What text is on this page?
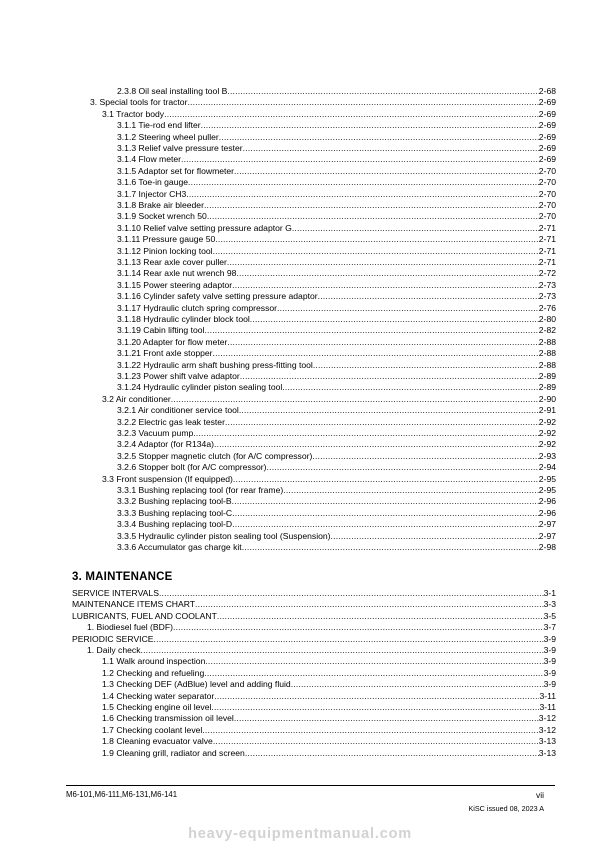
2.3.8 Oil seal installing tool B .....	2-68
3. Special tools for tractor .....	2-69
3.1 Tractor body .....	2-69
3.1.1 Tie-rod end lifter .....	2-69
3.1.2 Steering wheel puller .....	2-69
3.1.3 Relief valve pressure tester .....	2-69
3.1.4 Flow meter .....	2-69
3.1.5 Adaptor set for flowmeter .....	2-70
3.1.6 Toe-in gauge .....	2-70
3.1.7 Injector CH3 .....	2-70
3.1.8 Brake air bleeder .....	2-70
3.1.9 Socket wrench 50 .....	2-70
3.1.10 Relief valve setting pressure adaptor G .....	2-71
3.1.11 Pressure gauge 50 .....	2-71
3.1.12 Pinion locking tool .....	2-71
3.1.13 Rear axle cover puller .....	2-71
3.1.14 Rear axle nut wrench 98 .....	2-72
3.1.15 Power steering adaptor .....	2-73
3.1.16 Cylinder safety valve setting pressure adaptor .....	2-73
3.1.17 Hydraulic clutch spring compressor .....	2-76
3.1.18 Hydraulic cylinder block tool .....	2-80
3.1.19 Cabin lifting tool .....	2-82
3.1.20 Adapter for flow meter .....	2-88
3.1.21 Front axle stopper .....	2-88
3.1.22 Hydraulic arm shaft bushing press-fitting tool .....	2-88
3.1.23 Power shift valve adaptor .....	2-89
3.1.24 Hydraulic cylinder piston sealing tool .....	2-89
3.2 Air conditioner .....	2-90
3.2.1 Air conditioner service tool .....	2-91
3.2.2 Electric gas leak tester .....	2-92
3.2.3 Vacuum pump .....	2-92
3.2.4 Adaptor (for R134a) .....	2-92
3.2.5 Stopper magnetic clutch (for A/C compressor) .....	2-93
3.2.6 Stopper bolt (for A/C compressor) .....	2-94
3.3 Front suspension (If equipped) .....	2-95
3.3.1 Bushing replacing tool (for rear frame) .....	2-95
3.3.2 Bushing replacing tool-B .....	2-96
3.3.3 Bushing replacing tool-C .....	2-96
3.3.4 Bushing replacing tool-D .....	2-97
3.3.5 Hydraulic cylinder piston sealing tool (Suspension) .....	2-97
3.3.6 Accumulator gas charge kit .....	2-98
SERVICE INTERVALS .....	3-1
MAINTENANCE ITEMS CHART .....	3-3
LUBRICANTS, FUEL AND COOLANT .....	3-5
1. Biodiesel fuel (BDF) .....	3-7
PERIODIC SERVICE .....	3-9
1. Daily check .....	3-9
1.1 Walk around inspection .....	3-9
1.2 Checking and refueling .....	3-9
1.3 Checking DEF (AdBlue) level and adding fluid .....	3-9
1.4 Checking water separator .....	3-11
1.5 Checking engine oil level .....	3-11
1.6 Checking transmission oil level .....	3-12
1.7 Checking coolant level .....	3-12
1.8 Cleaning evacuator valve .....	3-13
1.9 Cleaning grill, radiator and screen .....	3-13
3. MAINTENANCE
M6-101,M6-111,M6-131,M6-141	vii
KiSC issued 08, 2023 A
heavy-equipmentmanual.com
